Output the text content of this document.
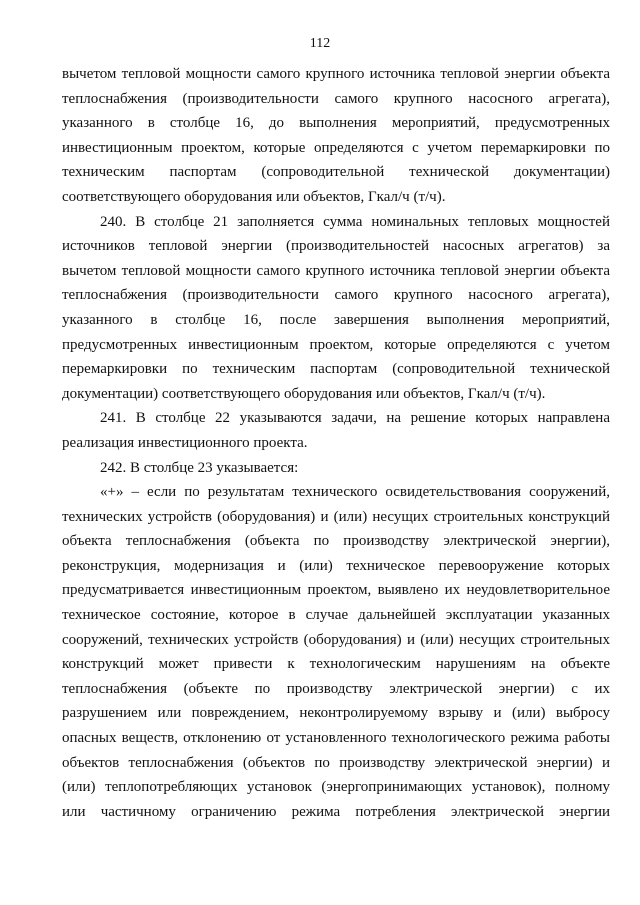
112
вычетом тепловой мощности самого крупного источника тепловой энергии объекта
теплоснабжения (производительности самого крупного насосного агрегата),
указанного в столбце 16, до выполнения мероприятий, предусмотренных
инвестиционным проектом, которые определяются с учетом перемаркировки по
техническим паспортам (сопроводительной технической документации)
соответствующего оборудования или объектов, Гкал/ч (т/ч).
240. В столбце 21 заполняется сумма номинальных тепловых мощностей
источников тепловой энергии (производительностей насосных агрегатов) за
вычетом тепловой мощности самого крупного источника тепловой энергии объекта
теплоснабжения (производительности самого крупного насосного агрегата),
указанного в столбце 16, после завершения выполнения мероприятий,
предусмотренных инвестиционным проектом, которые определяются с учетом
перемаркировки по техническим паспортам (сопроводительной технической
документации) соответствующего оборудования или объектов, Гкал/ч (т/ч).
241. В столбце 22 указываются задачи, на решение которых направлена
реализация инвестиционного проекта.
242. В столбце 23 указывается:
«+» – если по результатам технического освидетельствования сооружений,
технических устройств (оборудования) и (или) несущих строительных конструкций
объекта теплоснабжения (объекта по производству электрической энергии),
реконструкция, модернизация и (или) техническое перевооружение которых
предусматривается инвестиционным проектом, выявлено их неудовлетворительное
техническое состояние, которое в случае дальнейшей эксплуатации указанных
сооружений, технических устройств (оборудования) и (или) несущих строительных
конструкций может привести к технологическим нарушениям на объекте
теплоснабжения (объекте по производству электрической энергии) с их
разрушением или повреждением, неконтролируемому взрыву и (или) выбросу
опасных веществ, отклонению от установленного технологического режима работы
объектов теплоснабжения (объектов по производству электрической энергии) и
(или) теплопотребляющих установок (энергопринимающих установок), полному
или частичному ограничению режима потребления электрической энергии
